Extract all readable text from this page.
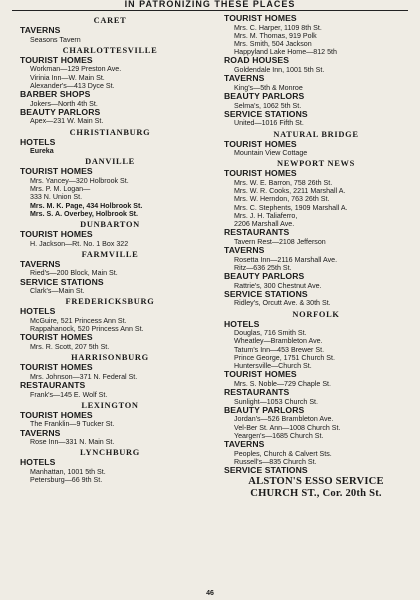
IN PATRONIZING THESE PLACES
CARET
TAVERNS
Seasons Tavern
CHARLOTTESVILLE
TOURIST HOMES
Workman—129 Preston Ave.
Virinia Inn—W. Main St.
Alexander's—413 Dyce St.
BARBER SHOPS
Jokers—North 4th St.
BEAUTY PARLORS
Apex—231 W. Main St.
CHRISTIANBURG
HOTELS
Eureka
DANVILLE
TOURIST HOMES
Mrs. Yancey—320 Holbrook St.
Mrs. P. M. Logan—
333 N. Union St.
Mrs. M. K. Page, 434 Holbrook St.
Mrs. S. A. Overbey, Holbrook St.
DUNBARTON
TOURIST HOMES
H. Jackson—Rt. No. 1 Box 322
FARMVILLE
TAVERNS
Ried's—200 Block, Main St.
SERVICE STATIONS
Clark's—Main St.
FREDERICKSBURG
HOTELS
McGuire, 521 Princess Ann St.
Rappahanock, 520 Princess Ann St.
TOURIST HOMES
Mrs. R. Scott, 207 5th St.
HARRISONBURG
TOURIST HOMES
Mrs. Johnson—371 N. Federal St.
RESTAURANTS
Frank's—145 E. Wolf St.
LEXINGTON
TOURIST HOMES
The Franklin—9 Tucker St.
TAVERNS
Rose Inn—331 N. Main St.
LYNCHBURG
HOTELS
Manhattan, 1001 5th St.
Petersburg—66 9th St.
TOURIST HOMES
Mrs. C. Harper, 1109 8th St.
Mrs. M. Thomas, 919 Polk
Mrs. Smith, 504 Jackson
Happyland Lake Home—812 5th
ROAD HOUSES
Goldendale Inn, 1001 5th St.
TAVERNS
King's—5th & Monroe
BEAUTY PARLORS
Selma's, 1062 5th St.
SERVICE STATIONS
United—1016 Fifth St.
NATURAL BRIDGE
TOURIST HOMES
Mountain View Cottage
NEWPORT NEWS
TOURIST HOMES
Mrs. W. E. Barron, 758 26th St.
Mrs. W. R. Cooks, 2211 Marshall A.
Mrs. W. Herndon, 763 26th St.
Mrs. C. Stephents, 1909 Marshall A.
Mrs. J. H. Taliaferro,
2206 Marshall Ave.
RESTAURANTS
Tavern Rest—2108 Jefferson
TAVERNS
Rosetta Inn—2116 Marshall Ave.
Ritz—636 25th St.
BEAUTY PARLORS
Rattrie's, 300 Chestnut Ave.
SERVICE STATIONS
Ridley's, Orcutt Ave. & 30th St.
NORFOLK
HOTELS
Douglas, 716 Smith St.
Wheatley—Brambleton Ave.
Tatum's Inn—453 Brewer St.
Prince George, 1751 Church St.
Huntersville—Church St.
TOURIST HOMES
Mrs. S. Noble—729 Chaple St.
RESTAURANTS
Sunlight—1053 Church St.
BEAUTY PARLORS
Jordan's—526 Brambleton Ave.
Vel-Ber St. Ann—1008 Church St.
Yeargen's—1685 Church St.
TAVERNS
Peoples, Church & Calvert Sts.
Russell's—835 Church St.
SERVICE STATIONS
ALSTON'S ESSO SERVICE
CHURCH ST., Cor. 20th St.
46
